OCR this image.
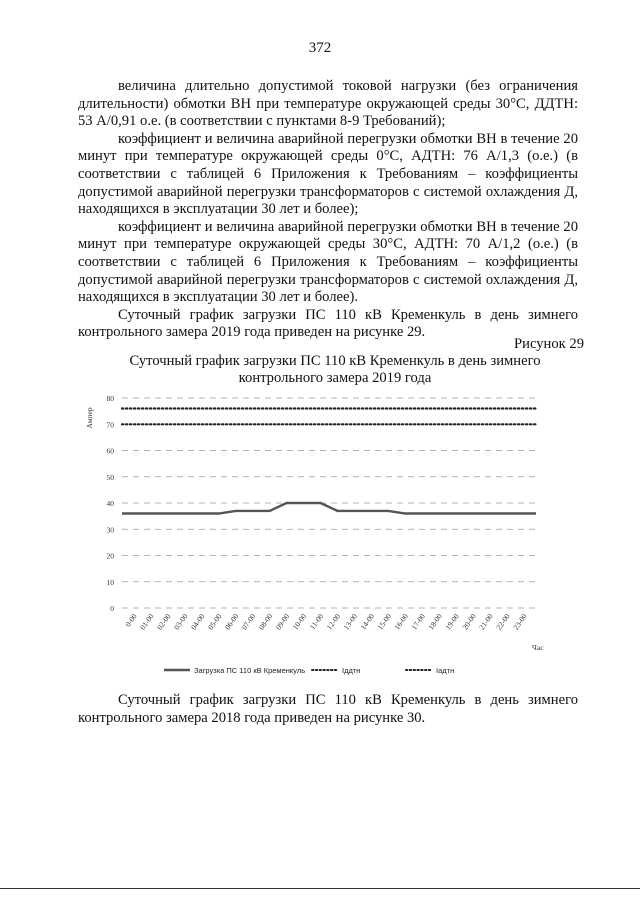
372

величина длительно допустимой токовой нагрузки (без ограничения длительности) обмотки ВН при температуре окружающей среды 30°С, ДДТН: 53 А/0,91 о.е. (в соответствии с пунктами 8-9 Требований);

коэффициент и величина аварийной перегрузки обмотки ВН в течение 20 минут при температуре окружающей среды 0°С, АДТН: 76 А/1,3 (о.е.) (в соответствии с таблицей 6 Приложения к Требованиям – коэффициенты допустимой аварийной перегрузки трансформаторов с системой охлаждения Д, находящихся в эксплуатации 30 лет и более);

коэффициент и величина аварийной перегрузки обмотки ВН в течение 20 минут при температуре окружающей среды 30°С, АДТН: 70 А/1,2 (о.е.) (в соответствии с таблицей 6 Приложения к Требованиям – коэффициенты допустимой аварийной перегрузки трансформаторов с системой охлаждения Д, находящихся в эксплуатации 30 лет и более).

Суточный график загрузки ПС 110 кВ Кременкуль в день зимнего контрольного замера 2019 года приведен на рисунке 29.

Рисунок 29
Суточный график загрузки ПС 110 кВ Кременкуль в день зимнего контрольного замера 2019 года
0
10
20
30
40
50
60
70
80
0-00 01-00 02-00 03-00 04-00 05-00 06-00 07-00 08-00 09-00 10-00 11-00 12-00 13-00 14-00 15-00 16-00 17-00 18-00 19-00 20-00 21-00 22-00 23-00
Ампер
Час
Загрузка ПС 110 кВ Кременкуль	Iддтн	Iадтн

Суточный график загрузки ПС 110 кВ Кременкуль в день зимнего контрольного замера 2018 года приведен на рисунке 30.
